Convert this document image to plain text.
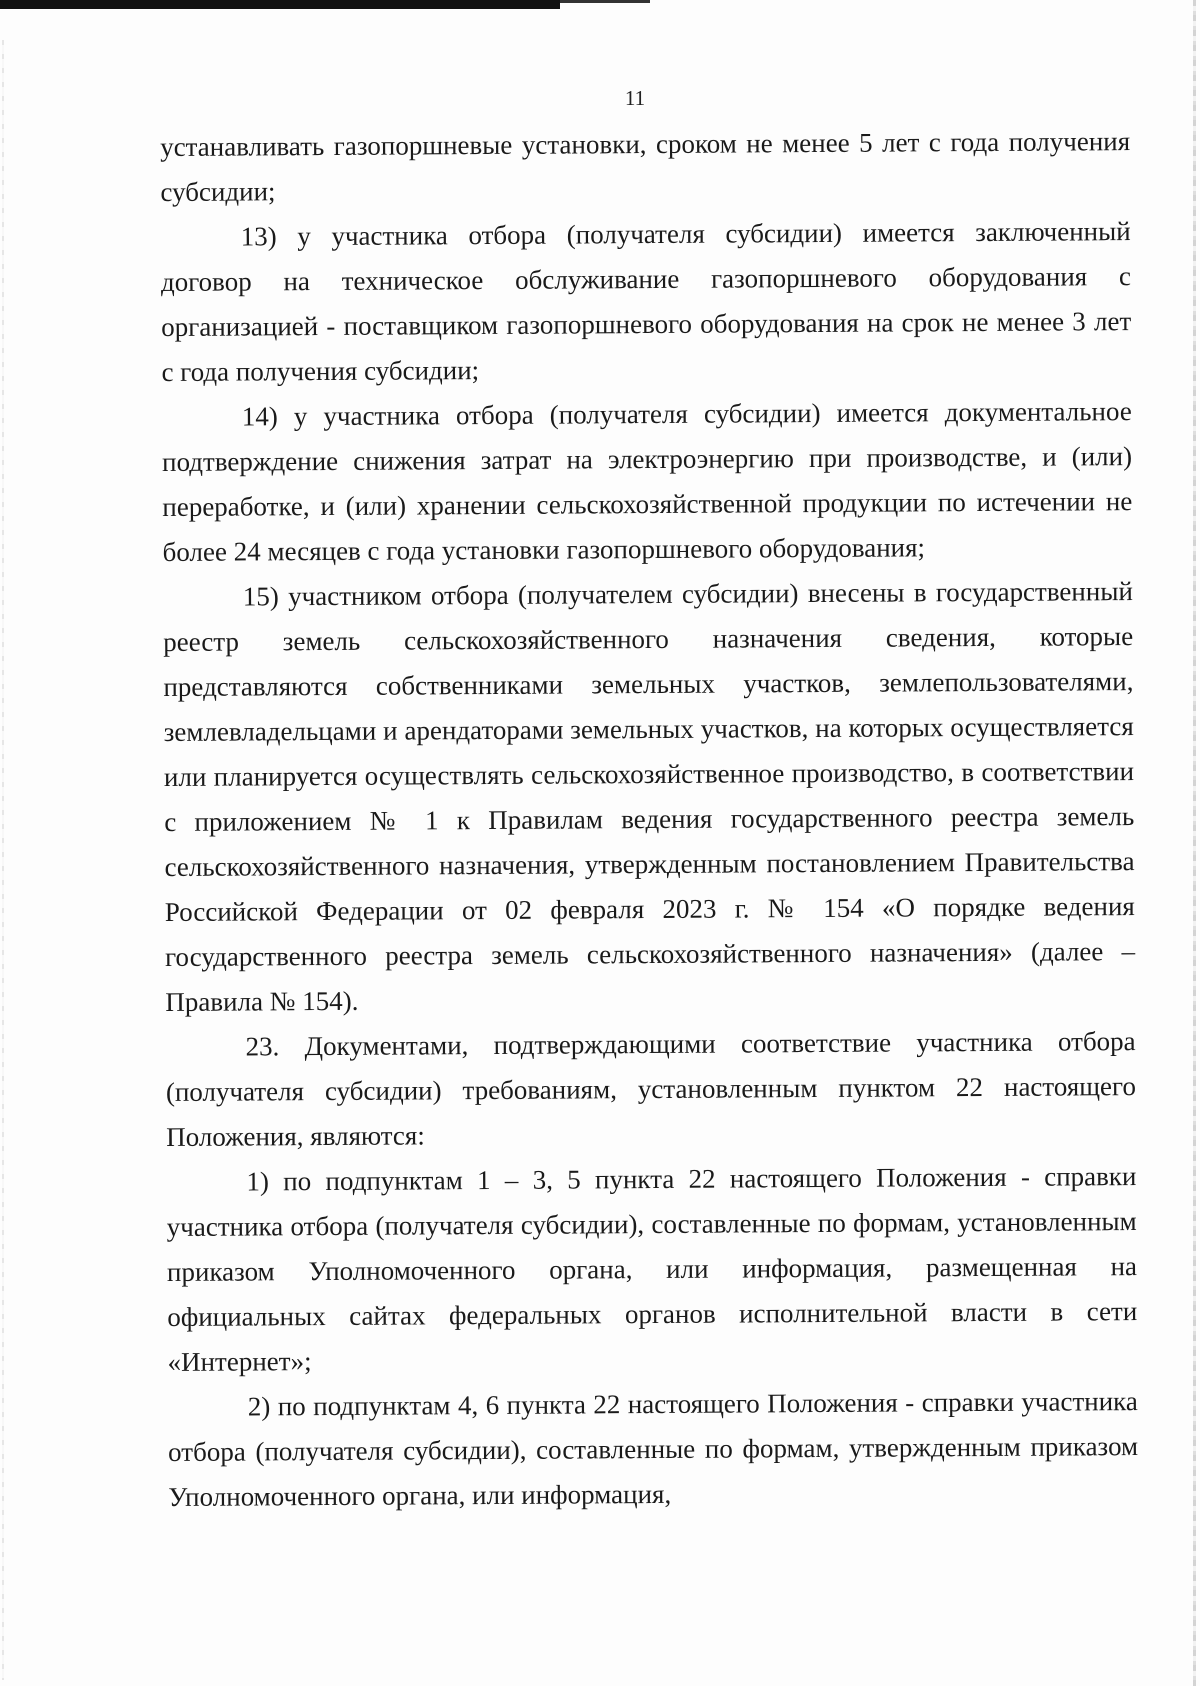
11

устанавливать газопоршневые установки, сроком не менее 5 лет с года получения субсидии;

13) у участника отбора (получателя субсидии) имеется заключенный договор на техническое обслуживание газопоршневого оборудования с организацией - поставщиком газопоршневого оборудования на срок не менее 3 лет с года получения субсидии;

14) у участника отбора (получателя субсидии) имеется документальное подтверждение снижения затрат на электроэнергию при производстве, и (или) переработке, и (или) хранении сельскохозяйственной продукции по истечении не более 24 месяцев с года установки газопоршневого оборудования;

15) участником отбора (получателем субсидии) внесены в государственный реестр земель сельскохозяйственного назначения сведения, которые представляются собственниками земельных участков, землепользователями, землевладельцами и арендаторами земельных участков, на которых осуществляется или планируется осуществлять сельскохозяйственное производство, в соответствии с приложением № 1 к Правилам ведения государственного реестра земель сельскохозяйственного назначения, утвержденным постановлением Правительства Российской Федерации от 02 февраля 2023 г. № 154 «О порядке ведения государственного реестра земель сельскохозяйственного назначения» (далее – Правила № 154).

23. Документами, подтверждающими соответствие участника отбора (получателя субсидии) требованиям, установленным пунктом 22 настоящего Положения, являются:

1) по подпунктам 1 – 3, 5 пункта 22 настоящего Положения - справки участника отбора (получателя субсидии), составленные по формам, установленным приказом Уполномоченного органа, или информация, размещенная на официальных сайтах федеральных органов исполнительной власти в сети «Интернет»;

2) по подпунктам 4, 6 пункта 22 настоящего Положения - справки участника отбора (получателя субсидии), составленные по формам, утвержденным приказом Уполномоченного органа, или информация,
